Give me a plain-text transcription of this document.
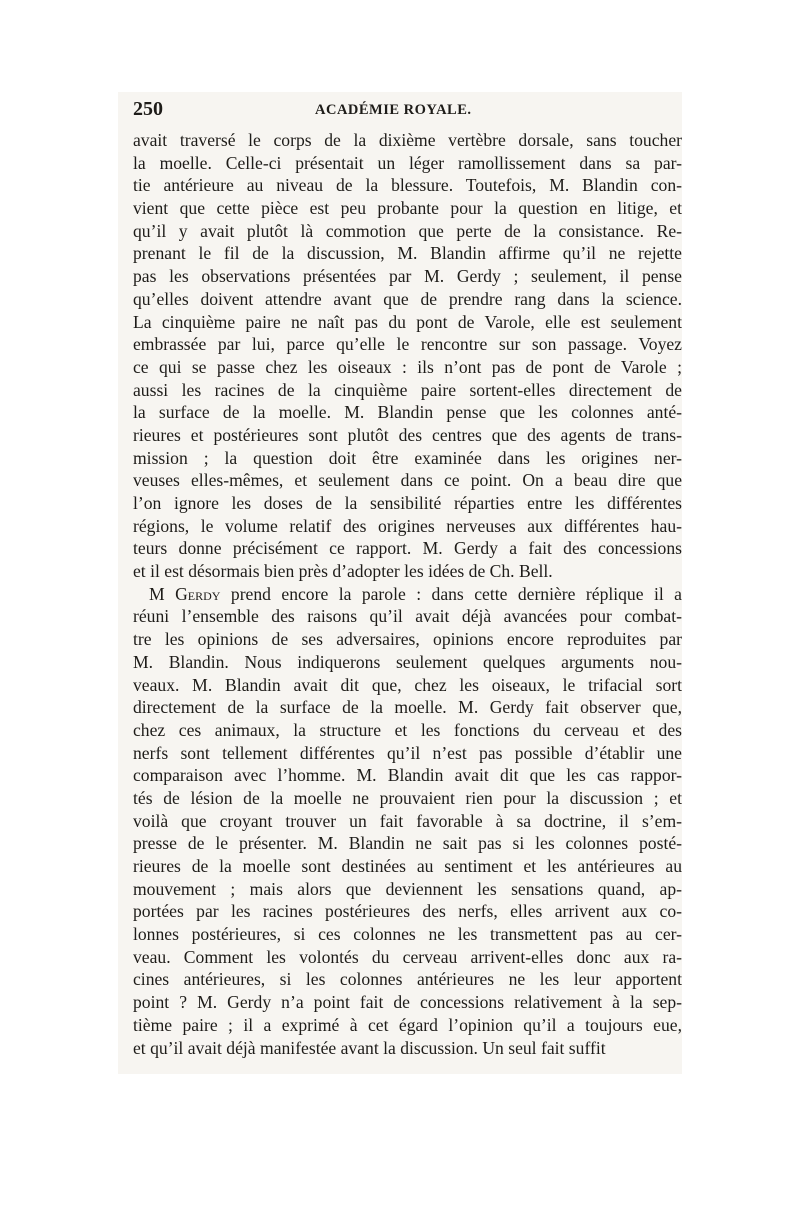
250	ACADÉMIE ROYALE.
avait traversé le corps de la dixième vertèbre dorsale, sans toucher
la moelle. Celle-ci présentait un léger ramollissement dans sa par-
tie antérieure au niveau de la blessure. Toutefois, M. Blandin con-
vient que cette pièce est peu probante pour la question en litige, et
qu’il y avait plutôt là commotion que perte de la consistance. Re-
prenant le fil de la discussion, M. Blandin affirme qu’il ne rejette
pas les observations présentées par M. Gerdy ; seulement, il pense
qu’elles doivent attendre avant que de prendre rang dans la science.
La cinquième paire ne naît pas du pont de Varole, elle est seulement
embrassée par lui, parce qu’elle le rencontre sur son passage. Voyez
ce qui se passe chez les oiseaux : ils n’ont pas de pont de Varole ;
aussi les racines de la cinquième paire sortent-elles directement de
la surface de la moelle. M. Blandin pense que les colonnes anté-
rieures et postérieures sont plutôt des centres que des agents de trans-
mission ; la question doit être examinée dans les origines ner-
veuses elles-mêmes, et seulement dans ce point. On a beau dire que
l’on ignore les doses de la sensibilité réparties entre les différentes
régions, le volume relatif des origines nerveuses aux différentes hau-
teurs donne précisément ce rapport. M. Gerdy a fait des concessions
et il est désormais bien près d’adopter les idées de Ch. Bell.
M Gerdy prend encore la parole : dans cette dernière réplique il a
réuni l’ensemble des raisons qu’il avait déjà avancées pour combat-
tre les opinions de ses adversaires, opinions encore reproduites par
M. Blandin. Nous indiquerons seulement quelques arguments nou-
veaux. M. Blandin avait dit que, chez les oiseaux, le trifacial sort
directement de la surface de la moelle. M. Gerdy fait observer que,
chez ces animaux, la structure et les fonctions du cerveau et des
nerfs sont tellement différentes qu’il n’est pas possible d’établir une
comparaison avec l’homme. M. Blandin avait dit que les cas rappor-
tés de lésion de la moelle ne prouvaient rien pour la discussion ; et
voilà que croyant trouver un fait favorable à sa doctrine, il s’em-
presse de le présenter. M. Blandin ne sait pas si les colonnes posté-
rieures de la moelle sont destinées au sentiment et les antérieures au
mouvement ; mais alors que deviennent les sensations quand, ap-
portées par les racines postérieures des nerfs, elles arrivent aux co-
lonnes postérieures, si ces colonnes ne les transmettent pas au cer-
veau. Comment les volontés du cerveau arrivent-elles donc aux ra-
cines antérieures, si les colonnes antérieures ne les leur apportent
point ? M. Gerdy n’a point fait de concessions relativement à la sep-
tième paire ; il a exprimé à cet égard l’opinion qu’il a toujours eue,
et qu’il avait déjà manifestée avant la discussion. Un seul fait suffit
